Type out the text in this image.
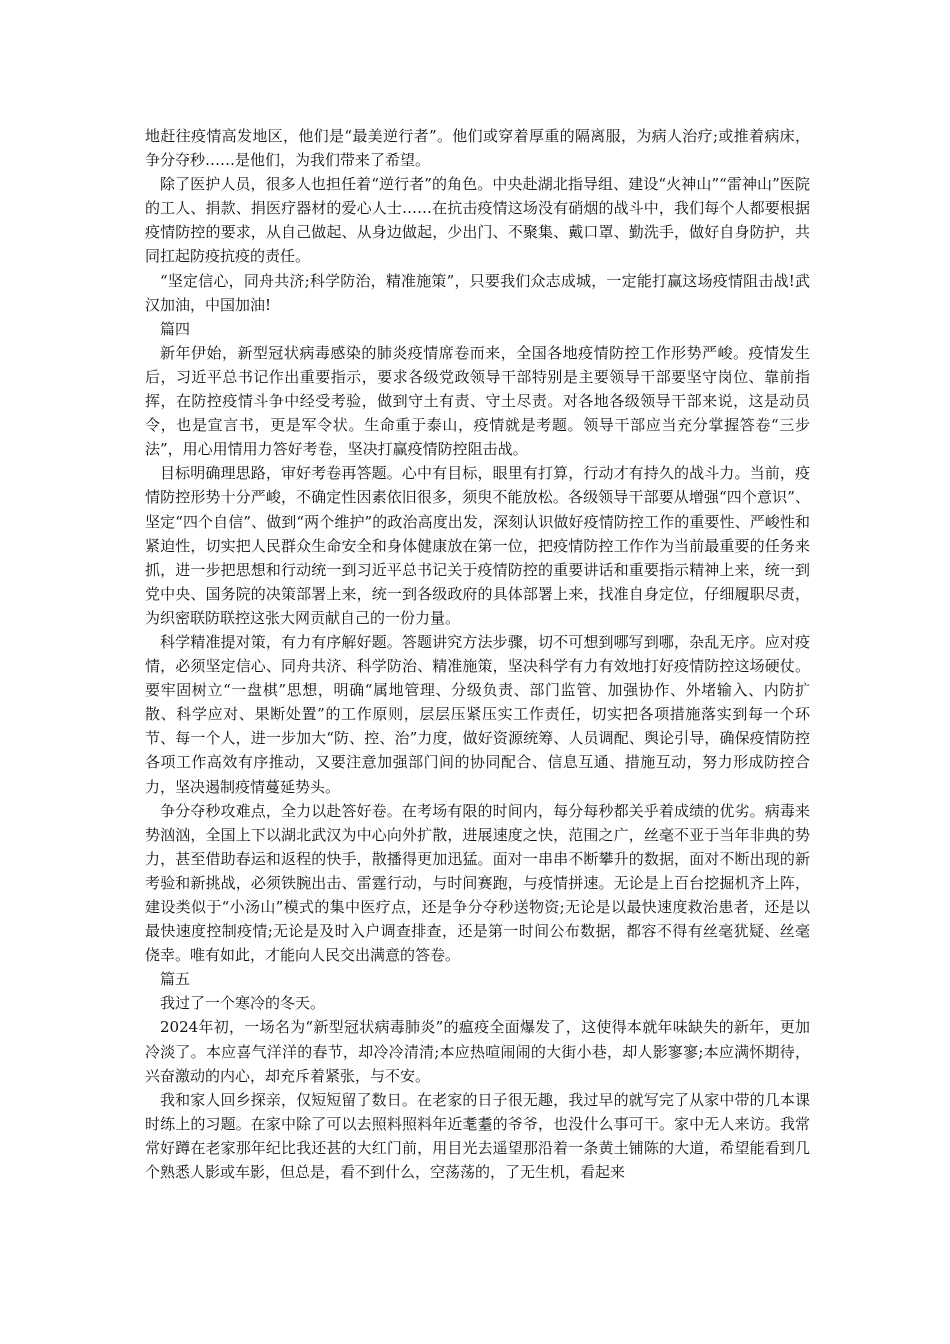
地赶往疫情高发地区，他们是“最美逆行者”。他们或穿着厚重的隔离服，为病人治疗;或推着病床，争分夺秒……是他们，为我们带来了希望。

除了医护人员，很多人也担任着“逆行者”的角色。中央赴湖北指导组、建设“火神山”“雷神山”医院的工人、捐款、捐医疗器材的爱心人士……在抗击疫情这场没有硝烟的战斗中，我们每个人都要根据疫情防控的要求，从自己做起、从身边做起，少出门、不聚集、戴口罩、勤洗手，做好自身防护，共同扛起防疫抗疫的责任。

“坚定信心，同舟共济;科学防治，精准施策”，只要我们众志成城，一定能打赢这场疫情阻击战!武汉加油，中国加油!

篇四

新年伊始，新型冠状病毒感染的肺炎疫情席卷而来，全国各地疫情防控工作形势严峻。疫情发生后，习近平总书记作出重要指示，要求各级党政领导干部特别是主要领导干部要坚守岗位、靠前指挥，在防控疫情斗争中经受考验，做到守土有责、守土尽责。对各地各级领导干部来说，这是动员令，也是宣言书，更是军令状。生命重于泰山，疫情就是考题。领导干部应当充分掌握答卷“三步法”，用心用情用力答好考卷，坚决打赢疫情防控阻击战。

目标明确理思路，审好考卷再答题。心中有目标，眼里有打算，行动才有持久的战斗力。当前，疫情防控形势十分严峻，不确定性因素依旧很多，须臾不能放松。各级领导干部要从增强“四个意识”、坚定“四个自信”、做到“两个维护”的政治高度出发，深刻认识做好疫情防控工作的重要性、严峻性和紧迫性，切实把人民群众生命安全和身体健康放在第一位，把疫情防控工作作为当前最重要的任务来抓，进一步把思想和行动统一到习近平总书记关于疫情防控的重要讲话和重要指示精神上来，统一到党中央、国务院的决策部署上来，统一到各级政府的具体部署上来，找准自身定位，仔细履职尽责，为织密联防联控这张大网贡献自己的一份力量。

科学精准提对策，有力有序解好题。答题讲究方法步骤，切不可想到哪写到哪，杂乱无序。应对疫情，必须坚定信心、同舟共济、科学防治、精准施策，坚决科学有力有效地打好疫情防控这场硬仗。要牢固树立“一盘棋”思想，明确“属地管理、分级负责、部门监管、加强协作、外堵输入、内防扩散、科学应对、果断处置”的工作原则，层层压紧压实工作责任，切实把各项措施落实到每一个环节、每一个人，进一步加大“防、控、治”力度，做好资源统筹、人员调配、舆论引导，确保疫情防控各项工作高效有序推动，又要注意加强部门间的协同配合、信息互通、措施互动，努力形成防控合力，坚决遏制疫情蔓延势头。

争分夺秒攻难点，全力以赴答好卷。在考场有限的时间内，每分每秒都关乎着成绩的优劣。病毒来势汹汹，全国上下以湖北武汉为中心向外扩散，进展速度之快，范围之广，丝毫不亚于当年非典的势力，甚至借助春运和返程的快手，散播得更加迅猛。面对一串串不断攀升的数据，面对不断出现的新考验和新挑战，必须铁腕出击、雷霆行动，与时间赛跑，与疫情拼速。无论是上百台挖掘机齐上阵，建设类似于“小汤山”模式的集中医疗点，还是争分夺秒送物资;无论是以最快速度救治患者，还是以最快速度控制疫情;无论是及时入户调查排查，还是第一时间公布数据，都容不得有丝毫犹疑、丝毫侥幸。唯有如此，才能向人民交出满意的答卷。

篇五

我过了一个寒冷的冬天。

2024年初，一场名为“新型冠状病毒肺炎”的瘟疫全面爆发了，这使得本就年味缺失的新年，更加冷淡了。本应喜气洋洋的春节，却冷冷清清;本应热喧闹闹的大街小巷，却人影寥寥;本应满怀期待，兴奋激动的内心，却充斥着紧张，与不安。

我和家人回乡探亲，仅短短留了数日。在老家的日子很无趣，我过早的就写完了从家中带的几本课时练上的习题。在家中除了可以去照料照料年近耄耋的爷爷，也没什么事可干。家中无人来访。我常常好蹲在老家那年纪比我还甚的大红门前，用目光去遥望那沿着一条黄土铺陈的大道，希望能看到几个熟悉人影或车影，但总是，看不到什么，空荡荡的，了无生机，看起来
